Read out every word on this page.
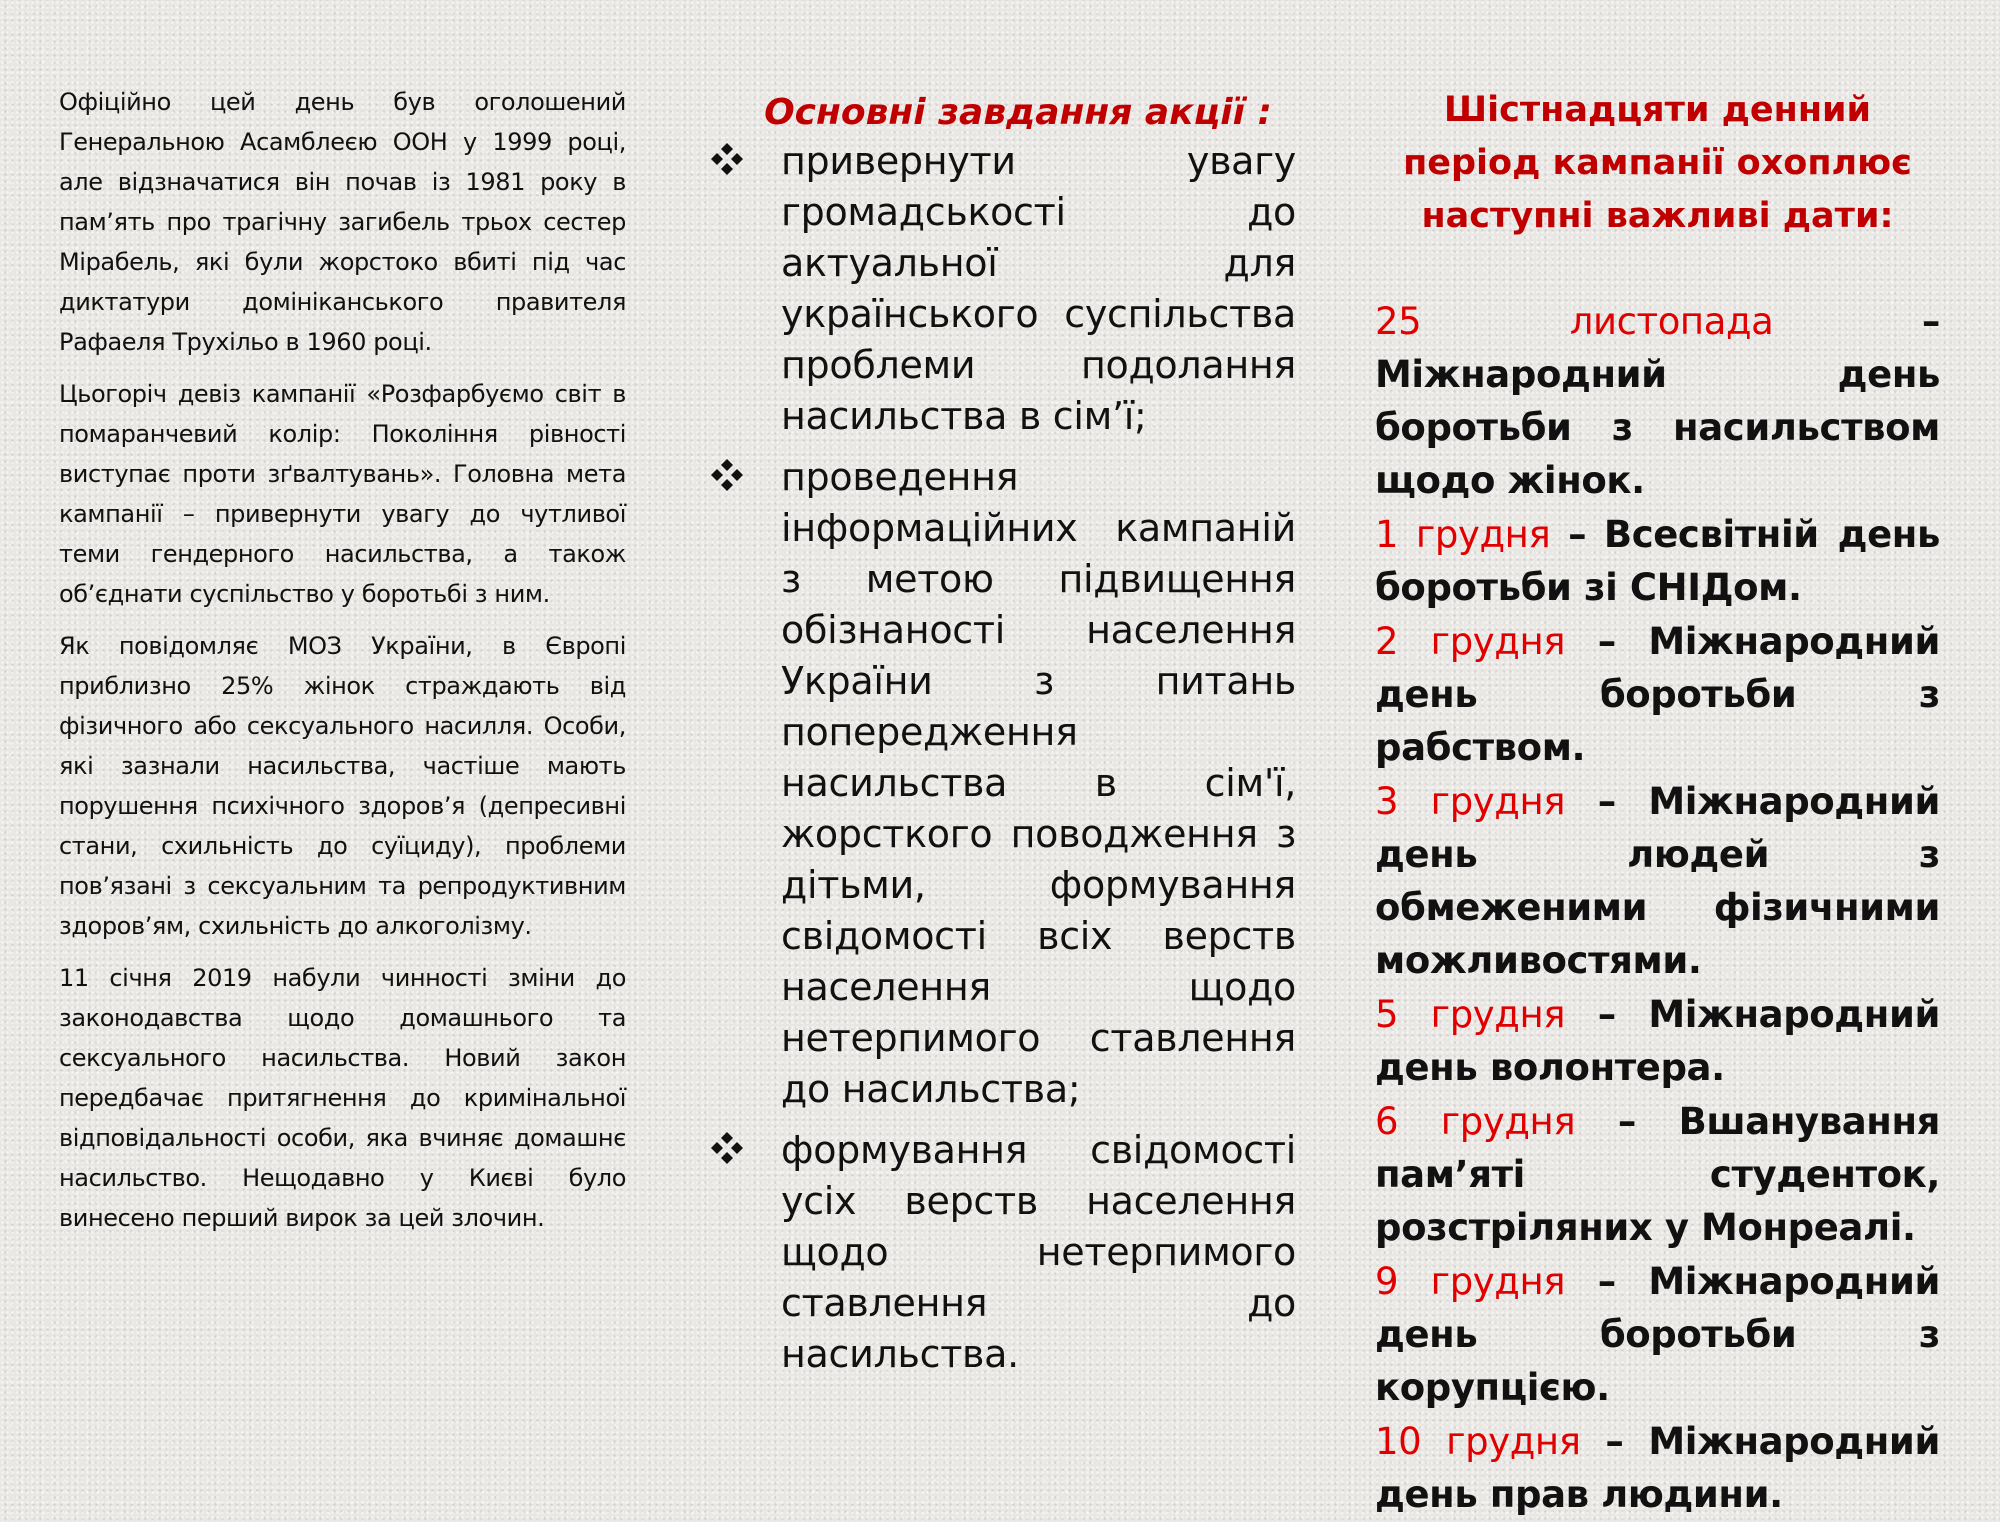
Офіційно цей день був оголошений Генеральною Асамблеєю ООН у 1999 році, але відзначатися він почав із 1981 року в пам’ять про трагічну загибель трьох сестер Мірабель, які були жорстоко вбиті під час диктатури домініканського правителя Рафаеля Трухільо в 1960 році.

Цьогоріч девіз кампанії «Розфарбуємо світ в помаранчевий колір: Покоління рівності виступає проти зґвалтувань». Головна мета кампанії – привернути увагу до чутливої теми гендерного насильства, а також об’єднати суспільство у боротьбі з ним.

Як повідомляє МОЗ України, в Європі приблизно 25% жінок страждають від фізичного або сексуального насилля. Особи, які зазнали насильства, частіше мають порушення психічного здоров’я (депресивні стани, схильність до суїциду), проблеми пов’язані з сексуальним та репродуктивним здоров’ям, схильність до алкоголізму.

11 січня 2019 набули чинності зміни до законодавства щодо домашнього та сексуального насильства. Новий закон передбачає притягнення до кримінальної відповідальності особи, яка вчиняє домашнє насильство. Нещодавно у Києві було винесено перший вирок за цей злочин.

Основні завдання акції :
привернути увагу громадськості до актуальної для українського суспільства проблеми подолання насильства в сім’ї;
проведення інформаційних кампаній з метою підвищення обізнаності населення України з питань попередження насильства в сім'ї, жорсткого поводження з дітьми, формування свідомості всіх верств населення щодо нетерпимого ставлення до насильства;
формування свідомості усіх верств населення щодо нетерпимого ставлення до насильства.
Шістнадцяти денний період кампанії охоплює наступні важливі дати:

25 листопада	– Міжнародний день боротьби з насильством щодо жінок.

1 грудня – Всесвітній день боротьби зі СНІДом.

2 грудня – Міжнародний день боротьби з рабством.

3 грудня – Міжнародний день людей з обмеженими фізичними можливостями.

5 грудня – Міжнародний день волонтера.

6 грудня – Вшанування пам’яті студенток, розстріляних у Монреалі.

9 грудня – Міжнародний день боротьби з корупцією.

10 грудня – Міжнародний день прав людини.
